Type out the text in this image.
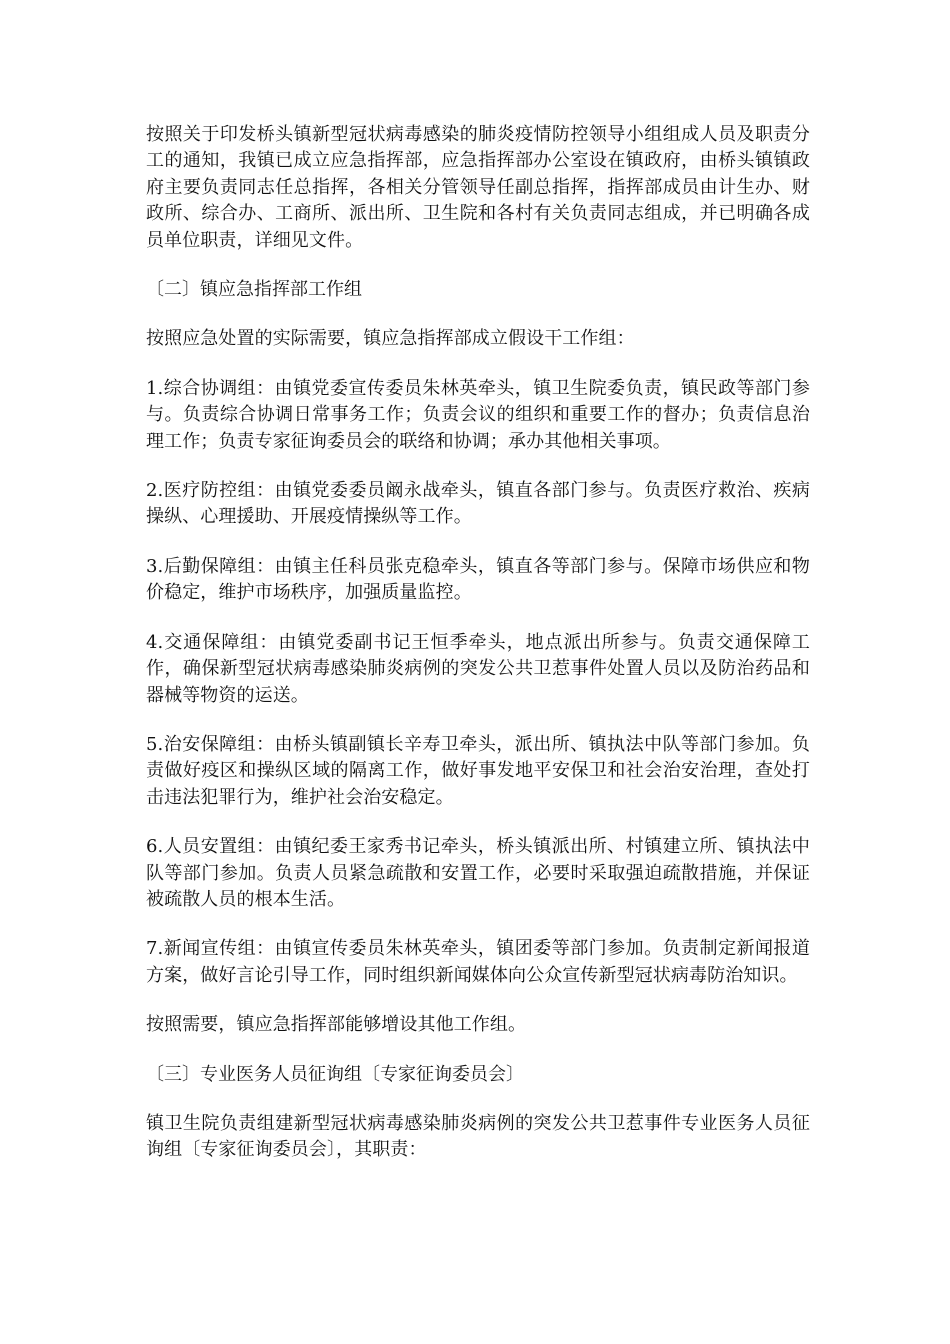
按照关于印发桥头镇新型冠状病毒感染的肺炎疫情防控领导小组组成人员及职责分工的通知，我镇已成立应急指挥部，应急指挥部办公室设在镇政府，由桥头镇镇政府主要负责同志任总指挥，各相关分管领导任副总指挥，指挥部成员由计生办、财政所、综合办、工商所、派出所、卫生院和各村有关负责同志组成，并已明确各成员单位职责，详细见文件。

〔二〕镇应急指挥部工作组

按照应急处置的实际需要，镇应急指挥部成立假设干工作组：

1.综合协调组：由镇党委宣传委员朱林英牵头，镇卫生院委负责，镇民政等部门参与。负责综合协调日常事务工作；负责会议的组织和重要工作的督办；负责信息治理工作；负责专家征询委员会的联络和协调；承办其他相关事项。

2.医疗防控组：由镇党委委员阚永战牵头，镇直各部门参与。负责医疗救治、疾病操纵、心理援助、开展疫情操纵等工作。

3.后勤保障组：由镇主任科员张克稳牵头，镇直各等部门参与。保障市场供应和物价稳定，维护市场秩序，加强质量监控。

4.交通保障组：由镇党委副书记王恒季牵头，地点派出所参与。负责交通保障工作，确保新型冠状病毒感染肺炎病例的突发公共卫惹事件处置人员以及防治药品和器械等物资的运送。

5.治安保障组：由桥头镇副镇长辛寿卫牵头，派出所、镇执法中队等部门参加。负责做好疫区和操纵区域的隔离工作，做好事发地平安保卫和社会治安治理，查处打击违法犯罪行为，维护社会治安稳定。

6.人员安置组：由镇纪委王家秀书记牵头，桥头镇派出所、村镇建立所、镇执法中队等部门参加。负责人员紧急疏散和安置工作，必要时采取强迫疏散措施，并保证被疏散人员的根本生活。

7.新闻宣传组：由镇宣传委员朱林英牵头，镇团委等部门参加。负责制定新闻报道方案，做好言论引导工作，同时组织新闻媒体向公众宣传新型冠状病毒防治知识。

按照需要，镇应急指挥部能够增设其他工作组。

〔三〕专业医务人员征询组〔专家征询委员会〕

镇卫生院负责组建新型冠状病毒感染肺炎病例的突发公共卫惹事件专业医务人员征询组〔专家征询委员会〕，其职责：
